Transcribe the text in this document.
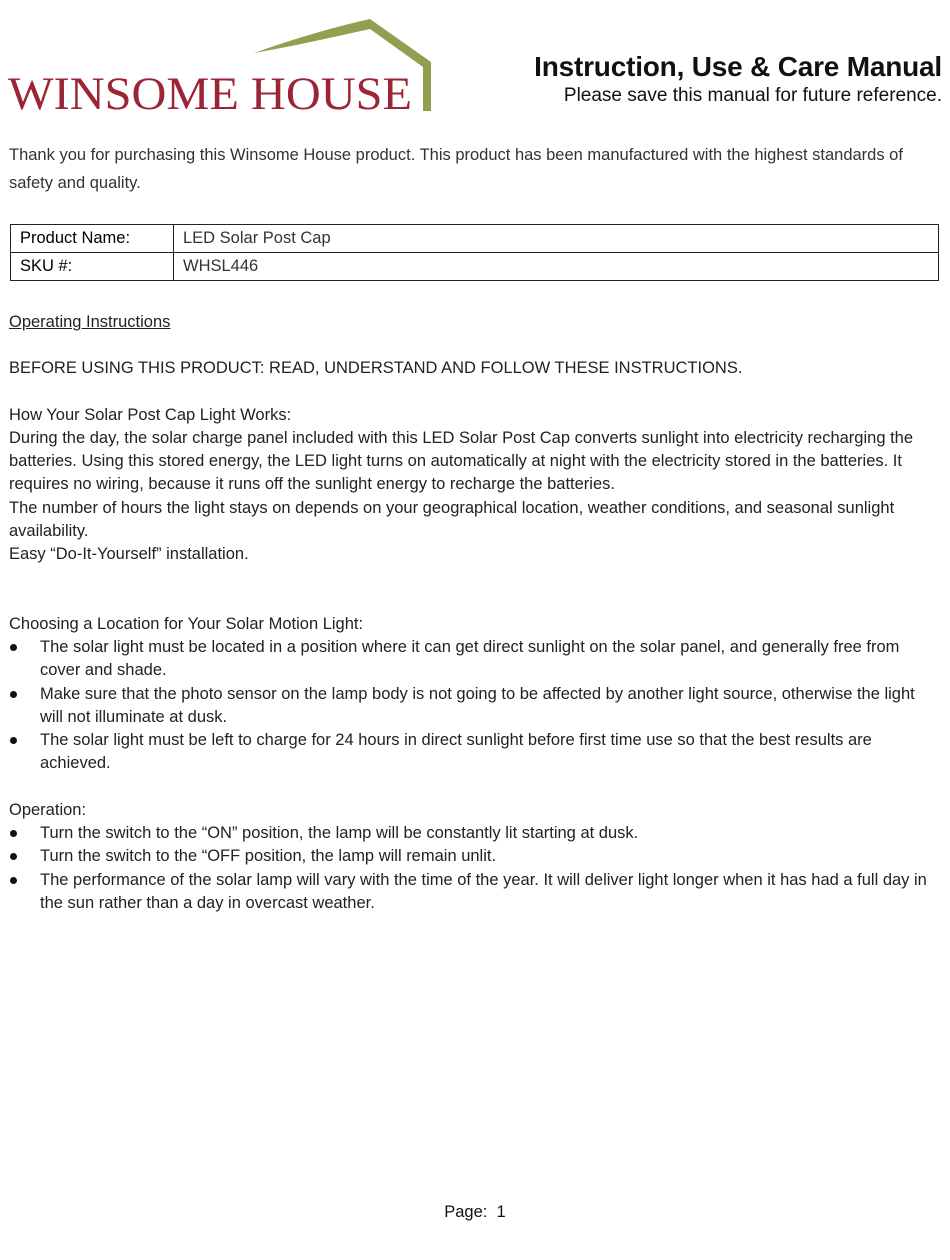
WINSOME HOUSE
Instruction, Use & Care Manual
Please save this manual for future reference.
Thank you for purchasing this Winsome House product. This product has been manufactured with the highest standards of safety and quality.
Product Name:	LED Solar Post Cap
SKU #:	WHSL446

Operating Instructions

BEFORE USING THIS PRODUCT: READ, UNDERSTAND AND FOLLOW THESE INSTRUCTIONS.

How Your Solar Post Cap Light Works:

During the day, the solar charge panel included with this LED Solar Post Cap converts sunlight into electricity recharging the batteries. Using this stored energy, the LED light turns on automatically at night with the electricity stored in the batteries. It requires no wiring, because it runs off the sunlight energy to recharge the batteries.

The number of hours the light stays on depends on your geographical location, weather conditions, and seasonal sunlight availability.

Easy “Do-It-Yourself” installation.

Choosing a Location for Your Solar Motion Light:

The solar light must be located in a position where it can get direct sunlight on the solar panel, and generally free from cover and shade.
Make sure that the photo sensor on the lamp body is not going to be affected by another light source, otherwise the light will not illuminate at dusk.
The solar light must be left to charge for 24 hours in direct sunlight before first time use so that the best results are achieved.

Operation:

Turn the switch to the “ON” position, the lamp will be constantly lit starting at dusk.
Turn the switch to the “OFF position, the lamp will remain unlit.
The performance of the solar lamp will vary with the time of the year. It will deliver light longer when it has had a full day in the sun rather than a day in overcast weather.
Page: 1
